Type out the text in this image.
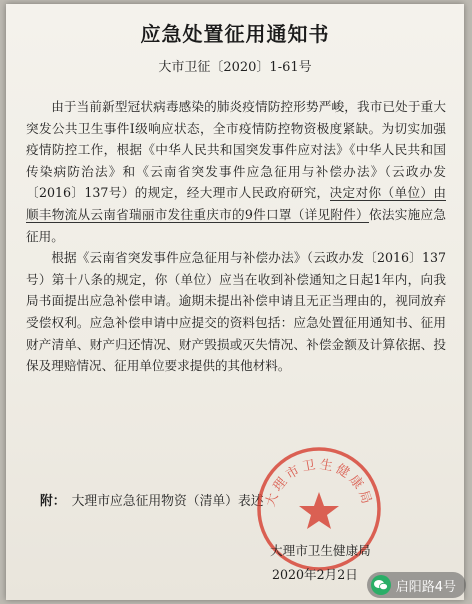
应急处置征用通知书
大市卫征〔2020〕1-61号

由于当前新型冠状病毒感染的肺炎疫情防控形势严峻，我市已处于重大突发公共卫生事件Ⅰ级响应状态，全市疫情防控物资极度紧缺。为切实加强疫情防控工作，根据《中华人民共和国突发事件应对法》《中华人民共和国传染病防治法》和《云南省突发事件应急征用与补偿办法》（云政办发〔2016〕137号）的规定，经大理市人民政府研究，决定对你（单位）由顺丰物流从云南省瑞丽市发往重庆市的9件口罩（详见附件）依法实施应急征用。

根据《云南省突发事件应急征用与补偿办法》（云政办发〔2016〕137号）第十八条的规定，你（单位）应当在收到补偿通知之日起1年内，向我局书面提出应急补偿申请。逾期未提出补偿申请且无正当理由的，视同放弃受偿权利。应急补偿申请中应提交的资料包括：应急处置征用通知书、征用财产清单、财产归还情况、财产毁损或灭失情况、补偿金额及计算依据、投保及理赔情况、征用单位要求提供的其他材料。

附： 大理市应急征用物资（清单）表述 大理市卫生健康局
大理市卫生健康局
2020年2月2日
启阳路4号
